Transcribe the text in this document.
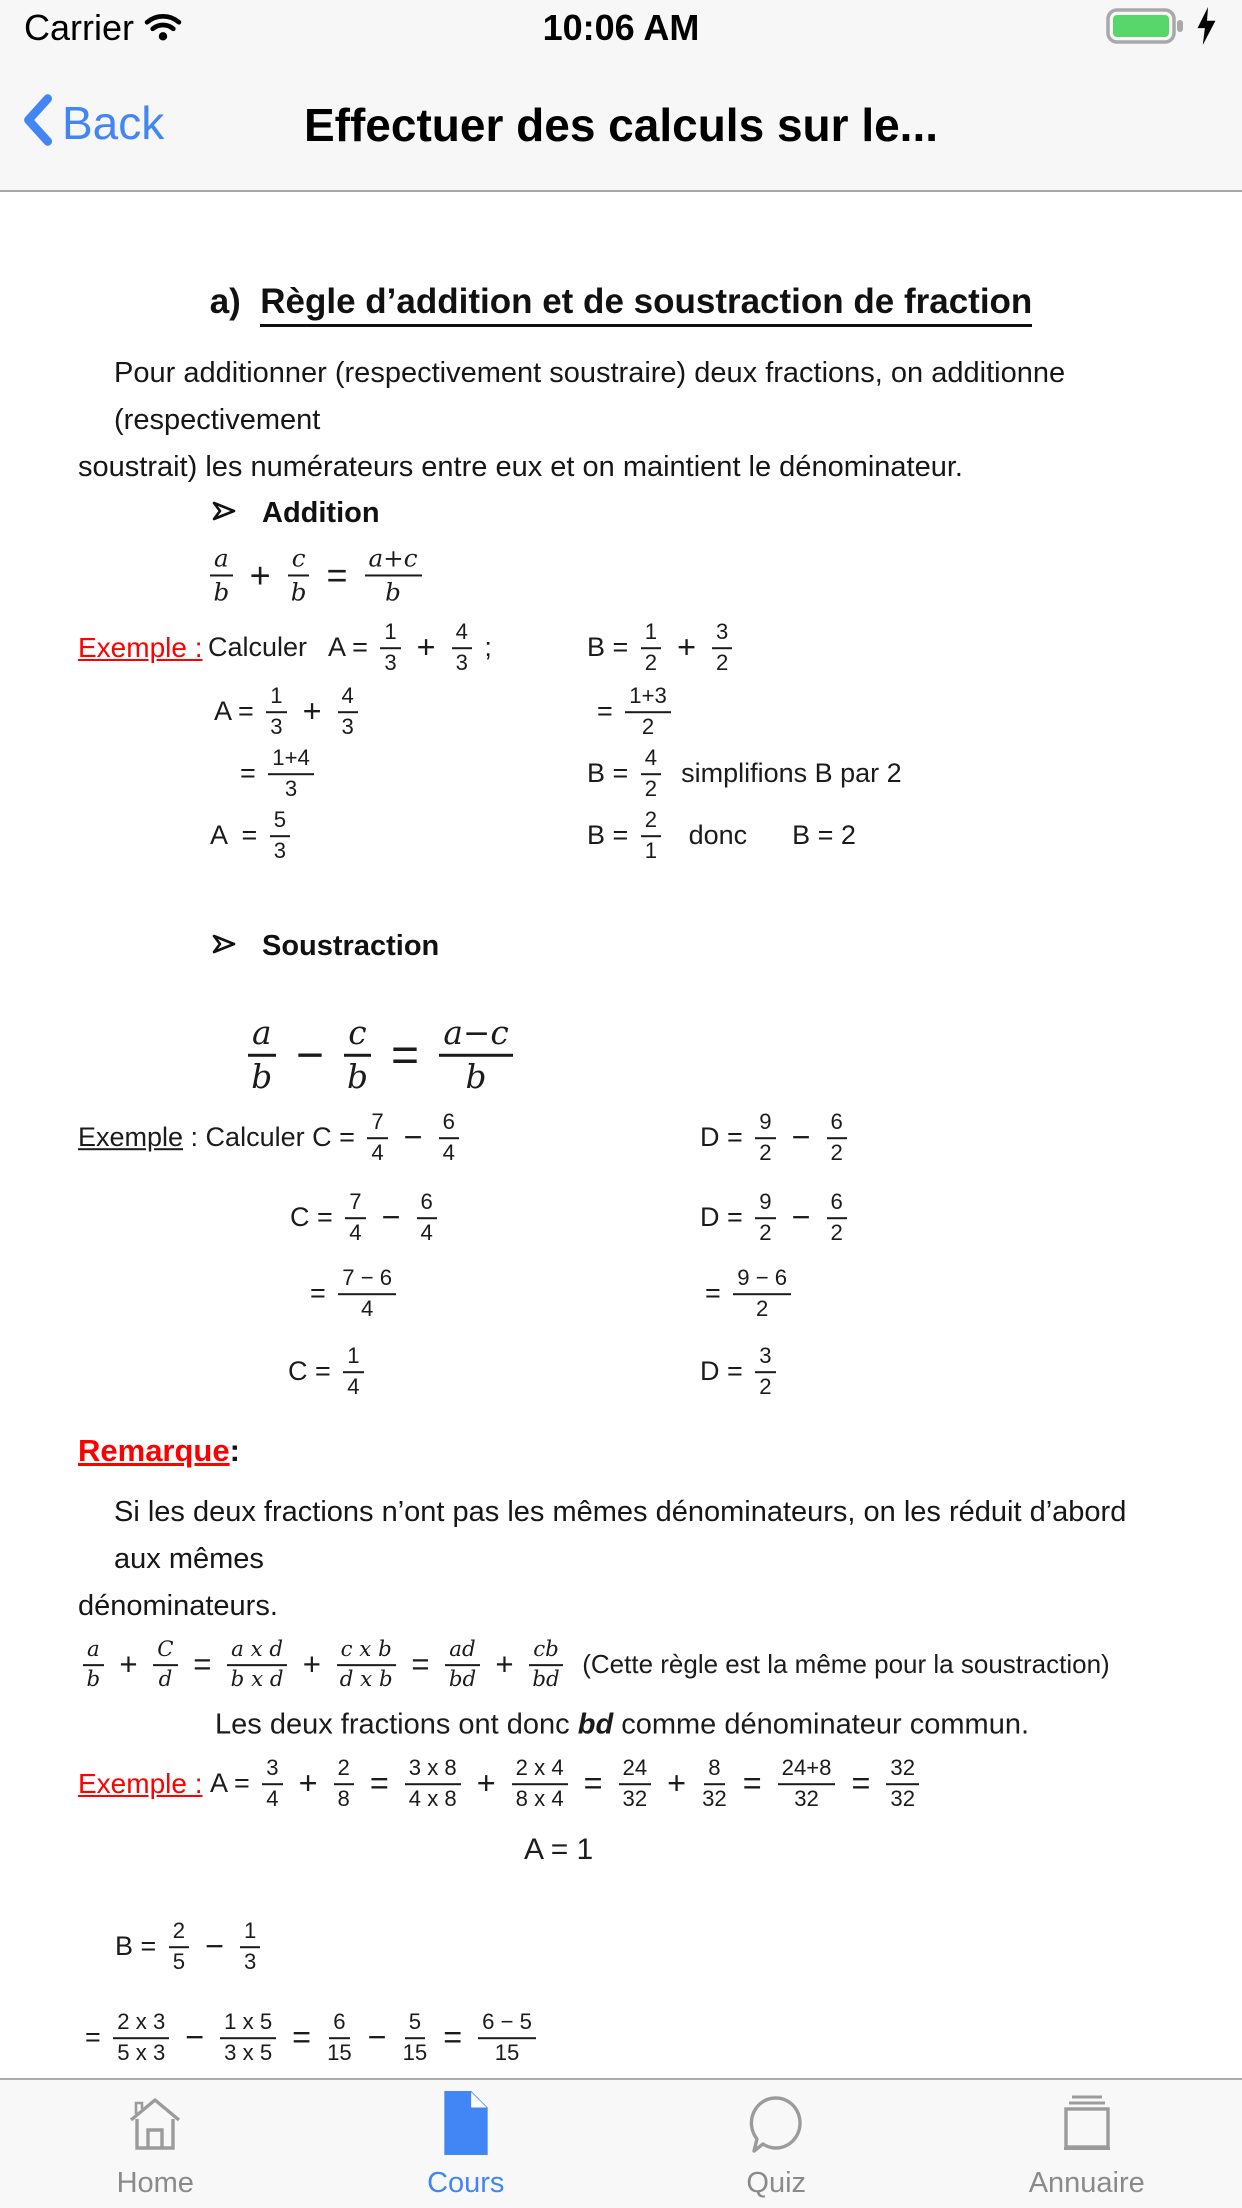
Carrier	10:06 AM
Back	Effectuer des calculs sur le...
a) Règle d’addition et de soustraction de fraction
Pour additionner (respectivement soustraire) deux fractions, on additionne (respectivement
soustrait) les numérateurs entre eux et on maintient le dénominateur.
Addition
$\frac{a}{b} + \frac{c}{b} = \frac{a+c}{b}$
Exemple : Calculer   $A = \frac{1}{3} + \frac{4}{3}$ ;	$B = \frac{1}{2} + \frac{3}{2}$
$A = \frac{1}{3} + \frac{4}{3}$	= $\frac{1+3}{2}$
= $\frac{1+4}{3}$	$B = \frac{4}{2}$ simplifions B par 2
$A = \frac{5}{3}$	$B = \frac{2}{1}$ donc      B = 2
Soustraction
$\frac{a}{b} - \frac{c}{b} = \frac{a-c}{b}$
Exemple : Calculer $C = \frac{7}{4} - \frac{6}{4}$	$D = \frac{9}{2} - \frac{6}{2}$
$C = \frac{7}{4} - \frac{6}{4}$	$D = \frac{9}{2} - \frac{6}{2}$
= $\frac{7 - 6}{4}$	= $\frac{9 - 6}{2}$
$C = \frac{1}{4}$	$D = \frac{3}{2}$
Remarque :
Si les deux fractions n’ont pas les mêmes dénominateurs, on les réduit d’abord aux mêmes
dénominateurs.
$\frac{a}{b} + \frac{C}{d} = \frac{\text{a x d}}{\text{b x d}} + \frac{\text{c x b}}{\text{d x b}} = \frac{ad}{bd} + \frac{cb}{bd}$ (Cette règle est la même pour la soustraction)
Les deux fractions ont donc bd comme dénominateur commun.
Exemple : $A = \frac{3}{4} + \frac{2}{8} = \frac{3 x 8}{4 x 8} + \frac{2 x 4}{8 x 4} = \frac{24}{32} + \frac{8}{32} = \frac{24+8}{32} = \frac{32}{32}$
A = 1
$B = \frac{2}{5} - \frac{1}{3}$
= $\frac{2 x 3}{5 x 3} - \frac{1 x 5}{3 x 5} = \frac{6}{15} - \frac{5}{15} = \frac{6 - 5}{15}$
Home	Cours	Quiz	Annuaire
